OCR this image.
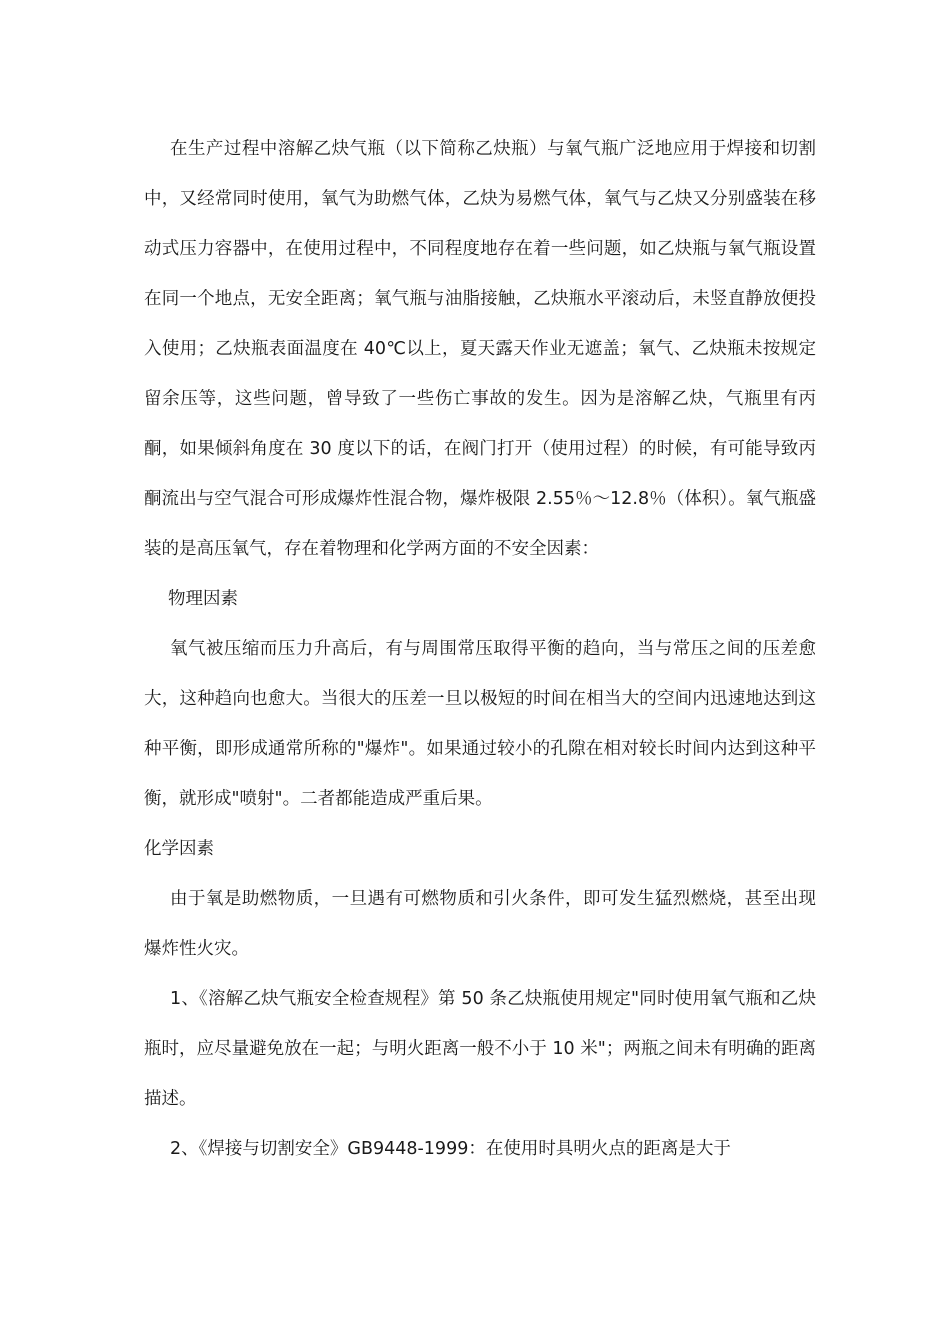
在生产过程中溶解乙炔气瓶（以下简称乙炔瓶）与氧气瓶广泛地应用于焊接和切割中，又经常同时使用，氧气为助燃气体，乙炔为易燃气体，氧气与乙炔又分别盛装在移动式压力容器中，在使用过程中，不同程度地存在着一些问题，如乙炔瓶与氧气瓶设置在同一个地点，无安全距离；氧气瓶与油脂接触，乙炔瓶水平滚动后，未竖直静放便投入使用；乙炔瓶表面温度在 40℃以上，夏天露天作业无遮盖；氧气、乙炔瓶未按规定留余压等，这些问题，曾导致了一些伤亡事故的发生。因为是溶解乙炔，气瓶里有丙酮，如果倾斜角度在 30 度以下的话，在阀门打开（使用过程）的时候，有可能导致丙酮流出与空气混合可形成爆炸性混合物，爆炸极限 2.55％～12.8％（体积）。氧气瓶盛装的是高压氧气，存在着物理和化学两方面的不安全因素：

物理因素

氧气被压缩而压力升高后，有与周围常压取得平衡的趋向，当与常压之间的压差愈大，这种趋向也愈大。当很大的压差一旦以极短的时间在相当大的空间内迅速地达到这种平衡，即形成通常所称的"爆炸"。如果通过较小的孔隙在相对较长时间内达到这种平衡，就形成"喷射"。二者都能造成严重后果。

化学因素

由于氧是助燃物质，一旦遇有可燃物质和引火条件，即可发生猛烈燃烧，甚至出现爆炸性火灾。

1、《溶解乙炔气瓶安全检查规程》第 50 条乙炔瓶使用规定"同时使用氧气瓶和乙炔瓶时，应尽量避免放在一起；与明火距离一般不小于 10 米"；两瓶之间未有明确的距离描述。

2、《焊接与切割安全》GB9448-1999：在使用时具明火点的距离是大于
